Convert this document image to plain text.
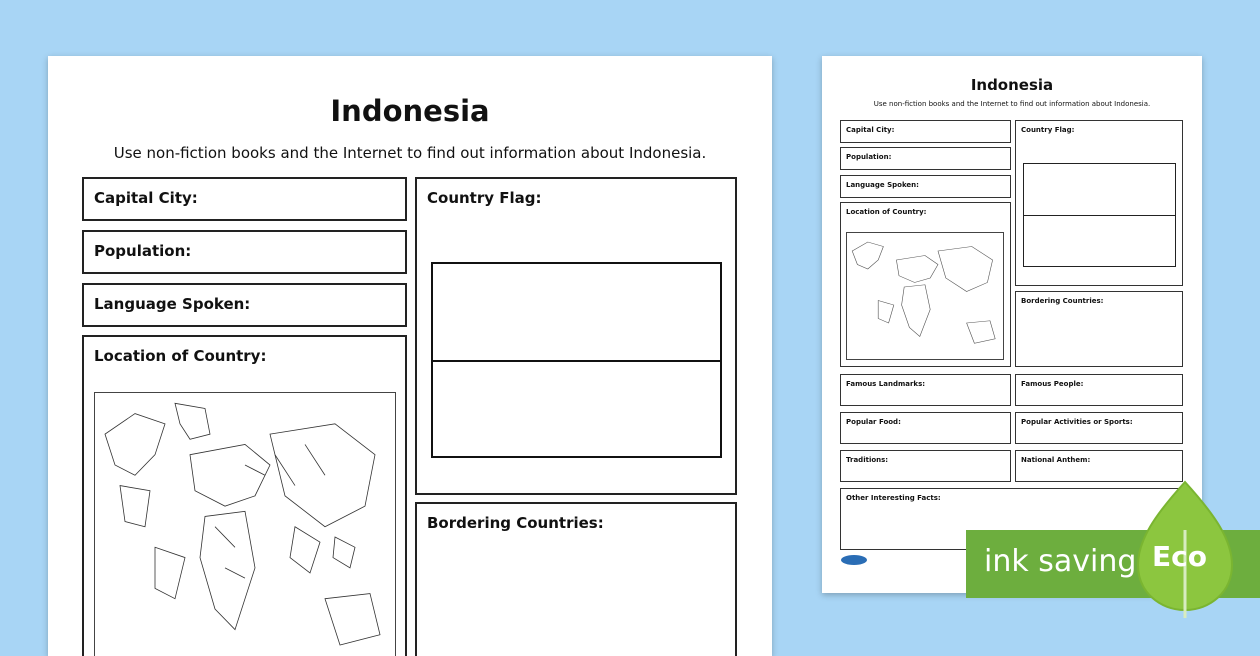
Indonesia
Use non-fiction books and the Internet to find out information about Indonesia.
Capital City:
Population:
Language Spoken:
Location of Country:
Country Flag:
Bordering Countries:
Indonesia
Use non-fiction books and the Internet to find out information about Indonesia.
Capital City:
Population:
Language Spoken:
Location of Country:
Country Flag:
Bordering Countries:
Famous Landmarks:	Famous People:
Popular Food:	Popular Activities or Sports:
Traditions:	National Anthem:
Other Interesting Facts:
ink saving Eco
